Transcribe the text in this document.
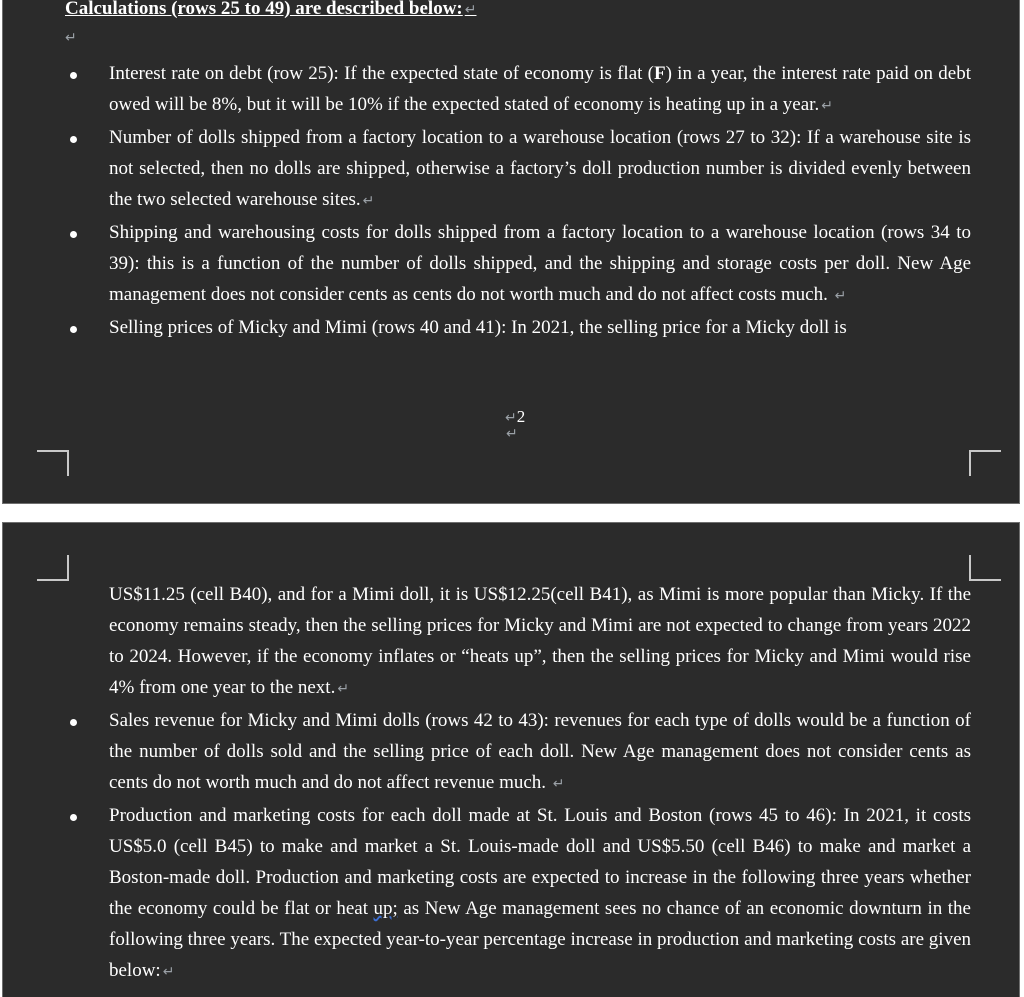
Calculations (rows 25 to 49) are described below: ↵
↵
Interest rate on debt (row 25): If the expected state of economy is flat (F) in a year, the interest rate paid on debt owed will be 8%, but it will be 10% if the expected stated of economy is heating up in a year. ↵
Number of dolls shipped from a factory location to a warehouse location (rows 27 to 32): If a warehouse site is not selected, then no dolls are shipped, otherwise a factory’s doll production number is divided evenly between the two selected warehouse sites. ↵
Shipping and warehousing costs for dolls shipped from a factory location to a warehouse location (rows 34 to 39): this is a function of the number of dolls shipped, and the shipping and storage costs per doll. New Age management does not consider cents as cents do not worth much and do not affect costs much. ↵
Selling prices of Micky and Mimi (rows 40 and 41): In 2021, the selling price for a Micky doll is
↵2
↵
US$11.25 (cell B40), and for a Mimi doll, it is US$12.25(cell B41), as Mimi is more popular than Micky. If the economy remains steady, then the selling prices for Micky and Mimi are not expected to change from years 2022 to 2024. However, if the economy inflates or “heats up”, then the selling prices for Micky and Mimi would rise 4% from one year to the next. ↵
Sales revenue for Micky and Mimi dolls (rows 42 to 43): revenues for each type of dolls would be a function of the number of dolls sold and the selling price of each doll. New Age management does not consider cents as cents do not worth much and do not affect revenue much. ↵
Production and marketing costs for each doll made at St. Louis and Boston (rows 45 to 46): In 2021, it costs US$5.0 (cell B45) to make and market a St. Louis-made doll and US$5.50 (cell B46) to make and market a Boston-made doll. Production and marketing costs are expected to increase in the following three years whether the economy could be flat or heat up; as New Age management sees no chance of an economic downturn in the following three years. The expected year-to-year percentage increase in production and marketing costs are given below: ↵
